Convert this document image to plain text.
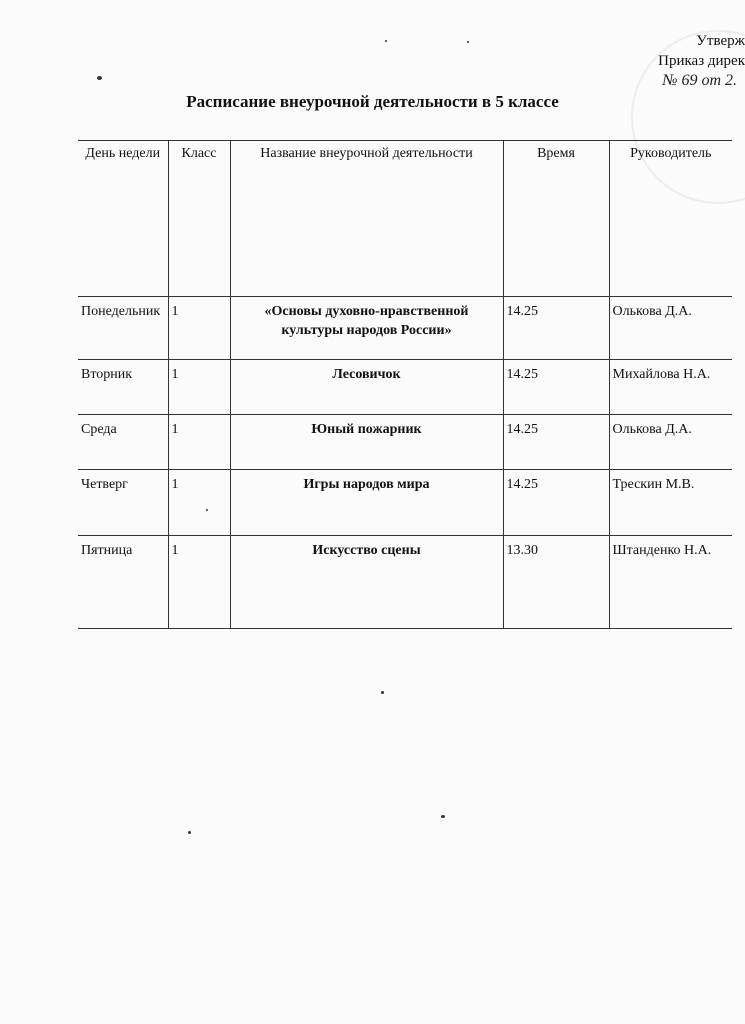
Утверж
Приказ дирек
№ 69 от 2.
Расписание внеурочной деятельности в 5 классе
День недели	Класс	Название внеурочной деятельности	Время	Руководитель
Понедельник	1	«Основы духовно-нравственной культуры народов России»	14.25	Олькова Д.А.
Вторник	1	Лесовичок	14.25	Михайлова Н.А.
Среда	1	Юный пожарник	14.25	Олькова Д.А.
Четверг	1	Игры народов мира	14.25	Трескин М.В.
Пятница	1	Искусство сцены	13.30	Штанденко Н.А.
